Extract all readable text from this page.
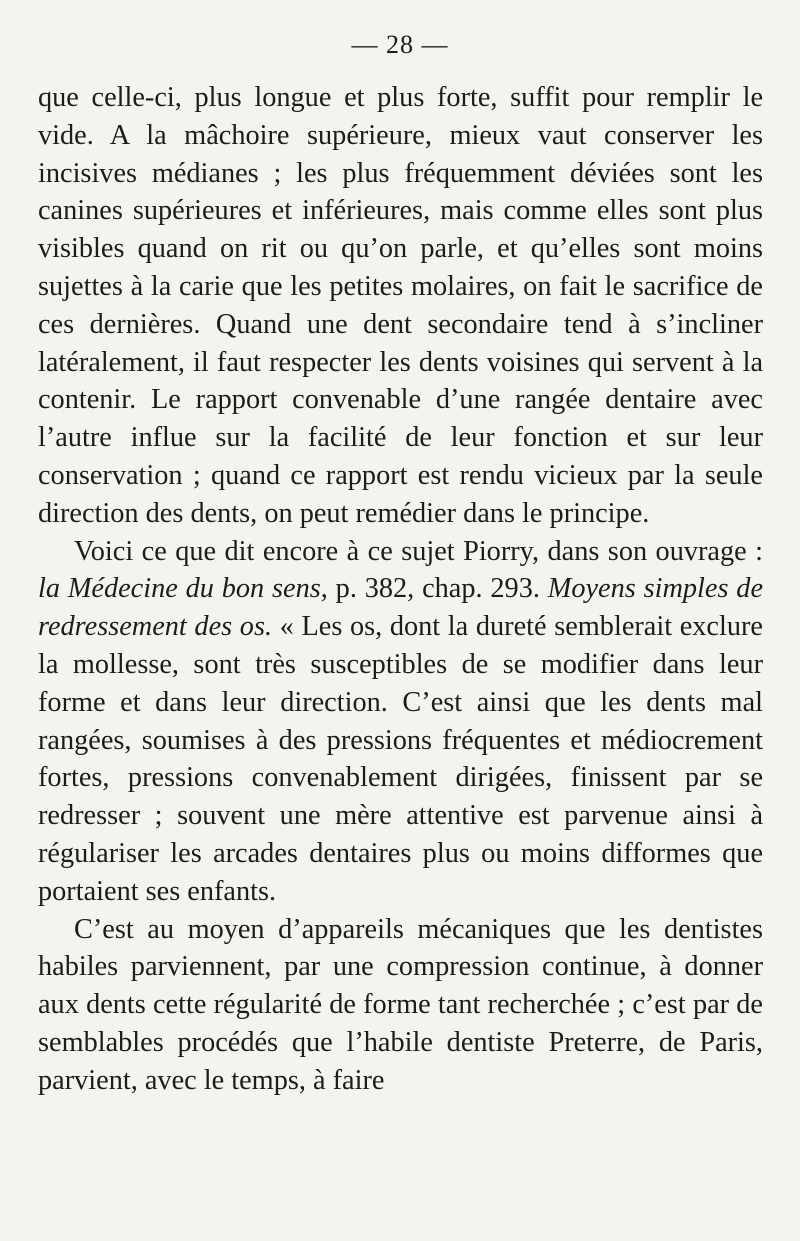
— 28 —

que celle-ci, plus longue et plus forte, suffit pour remplir le vide. A la mâchoire supérieure, mieux vaut conserver les incisives médianes ; les plus fréquemment déviées sont les canines supérieures et inférieures, mais comme elles sont plus visibles quand on rit ou qu’on parle, et qu’elles sont moins sujettes à la carie que les petites molaires, on fait le sacrifice de ces dernières. Quand une dent secondaire tend à s’incliner latéralement, il faut respecter les dents voisines qui servent à la contenir. Le rapport convenable d’une rangée dentaire avec l’autre influe sur la facilité de leur fonction et sur leur conservation ; quand ce rapport est rendu vicieux par la seule direction des dents, on peut remédier dans le principe.

Voici ce que dit encore à ce sujet Piorry, dans son ouvrage : la Médecine du bon sens, p. 382, chap. 293. Moyens simples de redressement des os. « Les os, dont la dureté semblerait exclure la mollesse, sont très susceptibles de se modifier dans leur forme et dans leur direction. C’est ainsi que les dents mal rangées, soumises à des pressions fréquentes et médiocrement fortes, pressions convenablement dirigées, finissent par se redresser ; souvent une mère attentive est parvenue ainsi à régulariser les arcades dentaires plus ou moins difformes que portaient ses enfants.

C’est au moyen d’appareils mécaniques que les dentistes habiles parviennent, par une compression continue, à donner aux dents cette régularité de forme tant recherchée ; c’est par de semblables procédés que l’habile dentiste Preterre, de Paris, parvient, avec le temps, à faire
